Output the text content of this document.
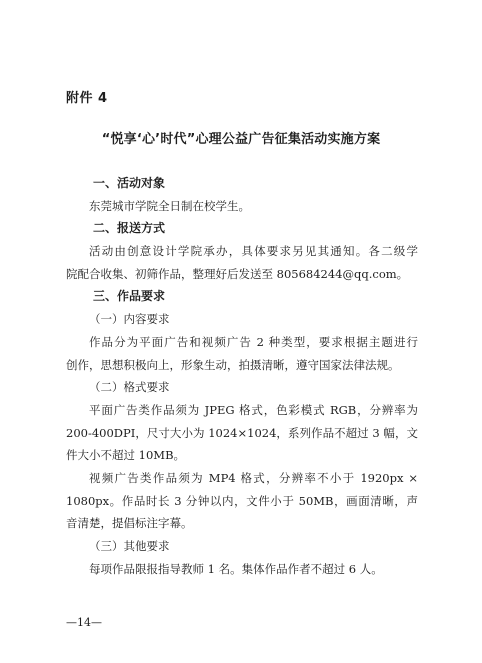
附件 4
“悦享‘心’时代”心理公益广告征集活动实施方案
一、活动对象
东莞城市学院全日制在校学生。
二、报送方式
活动由创意设计学院承办，具体要求另见其通知。各二级学
院配合收集、初筛作品，整理好后发送至 805684244@qq.com。
三、作品要求
（一）内容要求
作品分为平面广告和视频广告 2 种类型，要求根据主题进行
创作，思想积极向上，形象生动，拍摄清晰，遵守国家法律法规。
（二）格式要求
平面广告类作品须为 JPEG 格式，色彩模式 RGB，分辨率为
200-400DPI，尺寸大小为 1024×1024，系列作品不超过 3 幅，文
件大小不超过 10MB。
视频广告类作品须为 MP4 格式，分辨率不小于 1920px ×
1080px。作品时长 3 分钟以内，文件小于 50MB，画面清晰，声
音清楚，提倡标注字幕。
（三）其他要求
每项作品限报指导教师 1 名。集体作品作者不超过 6 人。
—14—
